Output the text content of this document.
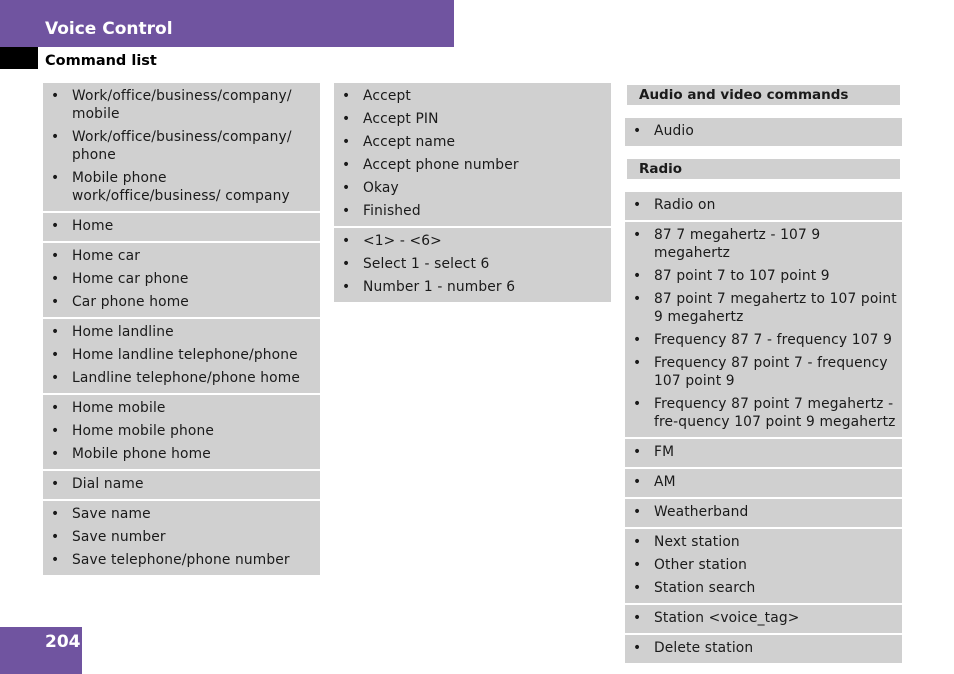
Voice Control
Command list
• Work/office/business/company/ mobile
• Work/office/business/company/ phone
• Mobile phone work/office/business/ company
• Home
• Home car
• Home car phone
• Car phone home
• Home landline
• Home landline telephone/phone
• Landline telephone/phone home
• Home mobile
• Home mobile phone
• Mobile phone home
• Dial name
• Save name
• Save number
• Save telephone/phone number
• Accept
• Accept PIN
• Accept name
• Accept phone number
• Okay
• Finished
• <1> - <6>
• Select 1 - select 6
• Number 1 - number 6
Audio and video commands
• Audio
Radio
• Radio on
• 87 7 megahertz - 107 9 megahertz
• 87 point 7 to 107 point 9
• 87 point 7 megahertz to 107 point 9 megahertz
• Frequency 87 7 - frequency 107 9
• Frequency 87 point 7 - frequency 107 point 9
• Frequency 87 point 7 megahertz - fre-quency 107 point 9 megahertz
• FM
• AM
• Weatherband
• Next station
• Other station
• Station search
• Station <voice_tag>
• Delete station
204
